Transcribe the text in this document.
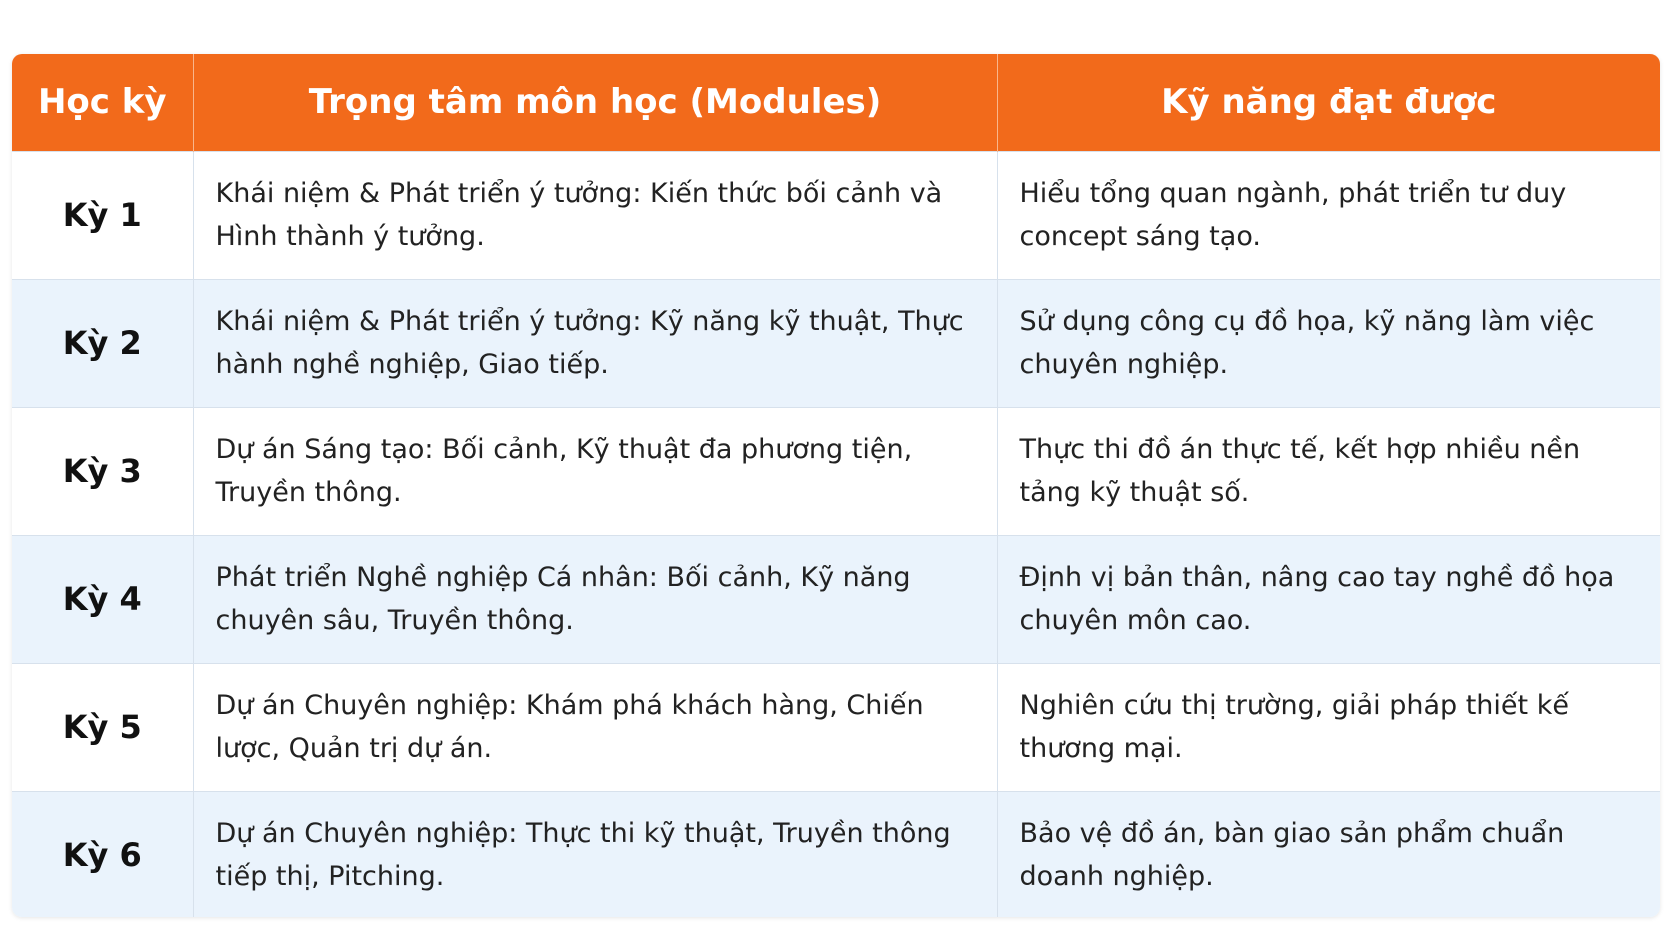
Học kỳ	Trọng tâm môn học (Modules)	Kỹ năng đạt được
Kỳ 1	Khái niệm & Phát triển ý tưởng: Kiến thức bối cảnh và Hình thành ý tưởng.	Hiểu tổng quan ngành, phát triển tư duy concept sáng tạo.
Kỳ 2	Khái niệm & Phát triển ý tưởng: Kỹ năng kỹ thuật, Thực hành nghề nghiệp, Giao tiếp.	Sử dụng công cụ đồ họa, kỹ năng làm việc chuyên nghiệp.
Kỳ 3	Dự án Sáng tạo: Bối cảnh, Kỹ thuật đa phương tiện, Truyền thông.	Thực thi đồ án thực tế, kết hợp nhiều nền tảng kỹ thuật số.
Kỳ 4	Phát triển Nghề nghiệp Cá nhân: Bối cảnh, Kỹ năng chuyên sâu, Truyền thông.	Định vị bản thân, nâng cao tay nghề đồ họa chuyên môn cao.
Kỳ 5	Dự án Chuyên nghiệp: Khám phá khách hàng, Chiến lược, Quản trị dự án.	Nghiên cứu thị trường, giải pháp thiết kế thương mại.
Kỳ 6	Dự án Chuyên nghiệp: Thực thi kỹ thuật, Truyền thông tiếp thị, Pitching.	Bảo vệ đồ án, bàn giao sản phẩm chuẩn doanh nghiệp.
